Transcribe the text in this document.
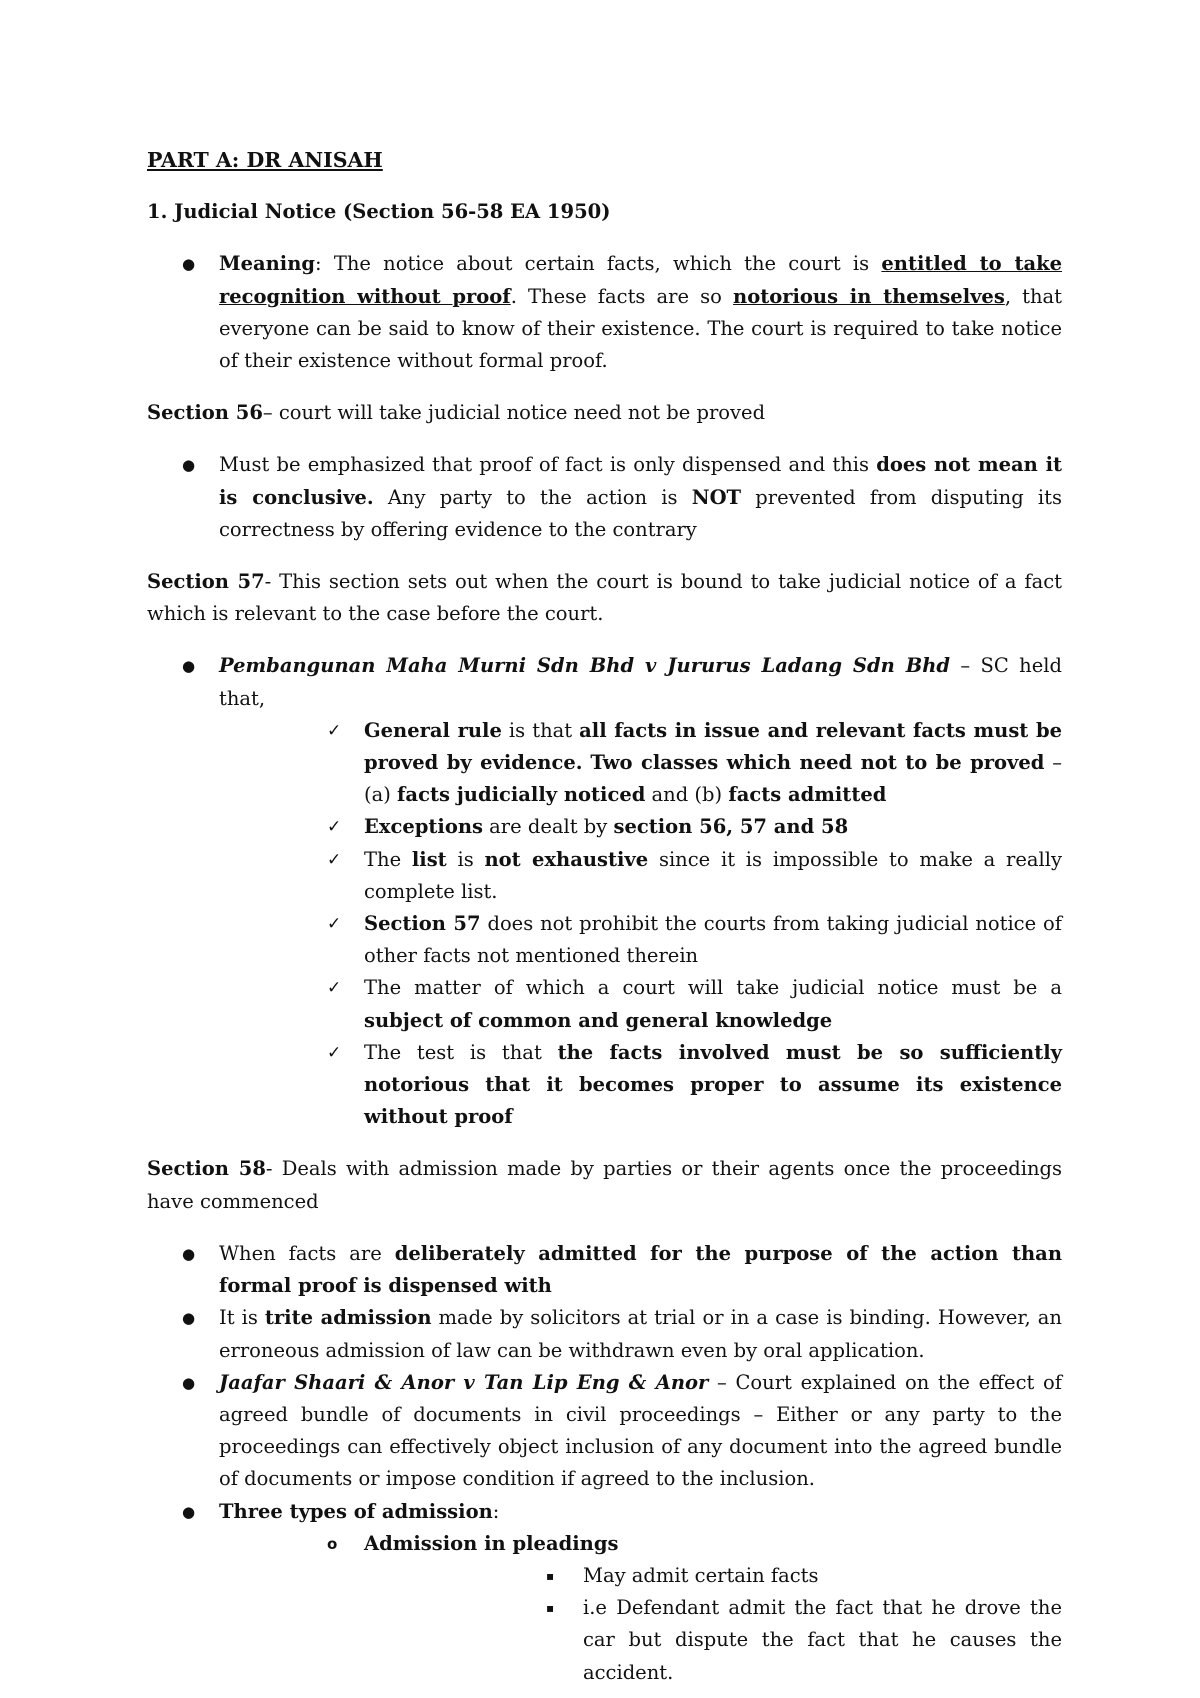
PART A: DR ANISAH

1. Judicial Notice (Section 56-58 EA 1950)

● Meaning: The notice about certain facts, which the court is entitled to take recognition without proof. These facts are so notorious in themselves, that everyone can be said to know of their existence. The court is required to take notice of their existence without formal proof.

Section 56– court will take judicial notice need not be proved

● Must be emphasized that proof of fact is only dispensed and this does not mean it is conclusive. Any party to the action is NOT prevented from disputing its correctness by offering evidence to the contrary

Section 57- This section sets out when the court is bound to take judicial notice of a fact which is relevant to the case before the court.

● Pembangunan Maha Murni Sdn Bhd v Jururus Ladang Sdn Bhd – SC held that,
✓ General rule is that all facts in issue and relevant facts must be proved by evidence. Two classes which need not to be proved – (a) facts judicially noticed and (b) facts admitted
✓ Exceptions are dealt by section 56, 57 and 58
✓ The list is not exhaustive since it is impossible to make a really complete list.
✓ Section 57 does not prohibit the courts from taking judicial notice of other facts not mentioned therein
✓ The matter of which a court will take judicial notice must be a subject of common and general knowledge
✓ The test is that the facts involved must be so sufficiently notorious that it becomes proper to assume its existence without proof

Section 58- Deals with admission made by parties or their agents once the proceedings have commenced

● When facts are deliberately admitted for the purpose of the action than formal proof is dispensed with
● It is trite admission made by solicitors at trial or in a case is binding. However, an erroneous admission of law can be withdrawn even by oral application.
● Jaafar Shaari & Anor v Tan Lip Eng & Anor – Court explained on the effect of agreed bundle of documents in civil proceedings – Either or any party to the proceedings can effectively object inclusion of any document into the agreed bundle of documents or impose condition if agreed to the inclusion.
● Three types of admission:
o Admission in pleadings
▪ May admit certain facts
▪ i.e Defendant admit the fact that he drove the car but dispute the fact that he causes the accident.
